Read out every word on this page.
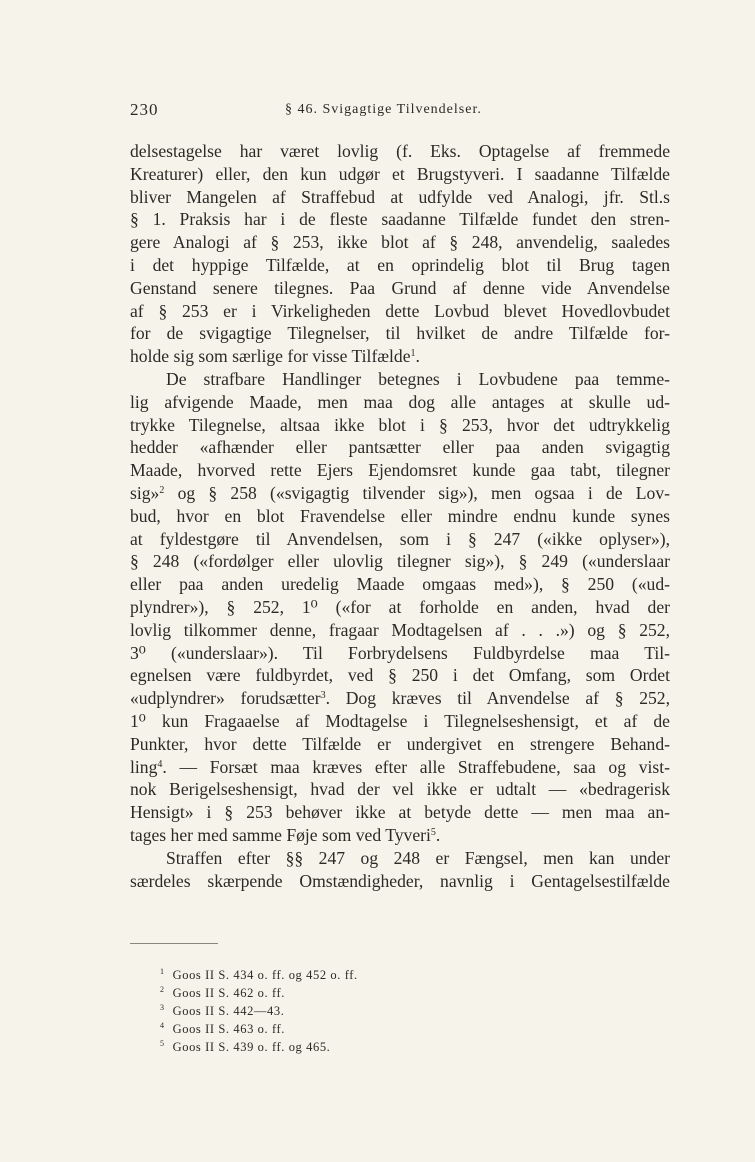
230	§ 46. Svigagtige Tilvendelser.

delsestagelse har været lovlig (f. Eks. Optagelse af fremmede

Kreaturer) eller, den kun udgør et Brugstyveri. I saadanne Tilfælde

bliver Mangelen af Straffebud at udfylde ved Analogi, jfr. Stl.s

§ 1. Praksis har i de fleste saadanne Tilfælde fundet den stren-

gere Analogi af § 253, ikke blot af § 248, anvendelig, saaledes

i det hyppige Tilfælde, at en oprindelig blot til Brug tagen

Genstand senere tilegnes. Paa Grund af denne vide Anvendelse

af § 253 er i Virkeligheden dette Lovbud blevet Hovedlovbudet

for de svigagtige Tilegnelser, til hvilket de andre Tilfælde for-

holde sig som særlige for visse Tilfælde$^1$.

De strafbare Handlinger betegnes i Lovbudene paa temme-

lig afvigende Maade, men maa dog alle antages at skulle ud-

trykke Tilegnelse, altsaa ikke blot i § 253, hvor det udtrykkelig

hedder «afhænder eller pantsætter eller paa anden svigagtig

Maade, hvorved rette Ejers Ejendomsret kunde gaa tabt, tilegner

sig»$^2$ og § 258 («svigagtig tilvender sig»), men ogsaa i de Lov-

bud, hvor en blot Fravendelse eller mindre endnu kunde synes

at fyldestgøre til Anvendelsen, som i § 247 («ikke oplyser»),

§ 248 («fordølger eller ulovlig tilegner sig»), § 249 («underslaar

eller paa anden uredelig Maade omgaas med»), § 250 («ud-

plyndrer»), § 252, 1⁰ («for at forholde en anden, hvad der

lovlig tilkommer denne, fragaar Modtagelsen af . . .») og § 252,

3⁰ («underslaar»). Til Forbrydelsens Fuldbyrdelse maa Til-

egnelsen være fuldbyrdet, ved § 250 i det Omfang, som Ordet

«udplyndrer» forudsætter$^3$. Dog kræves til Anvendelse af § 252,

1⁰ kun Fragaaelse af Modtagelse i Tilegnelseshensigt, et af de

Punkter, hvor dette Tilfælde er undergivet en strengere Behand-

ling$^4$. — Forsæt maa kræves efter alle Straffebudene, saa og vist-

nok Berigelseshensigt, hvad der vel ikke er udtalt — «bedragerisk

Hensigt» i § 253 behøver ikke at betyde dette — men maa an-

tages her med samme Føje som ved Tyveri$^5$.

Straffen efter §§ 247 og 248 er Fængsel, men kan under

særdeles skærpende Omstændigheder, navnlig i Gentagelsestilfælde

$^1$ Goos II S. 434 o. ff. og 452 o. ff.
$^2$ Goos II S. 462 o. ff.
$^3$ Goos II S. 442—43.
$^4$ Goos II S. 463 o. ff.
$^5$ Goos II S. 439 o. ff. og 465.
